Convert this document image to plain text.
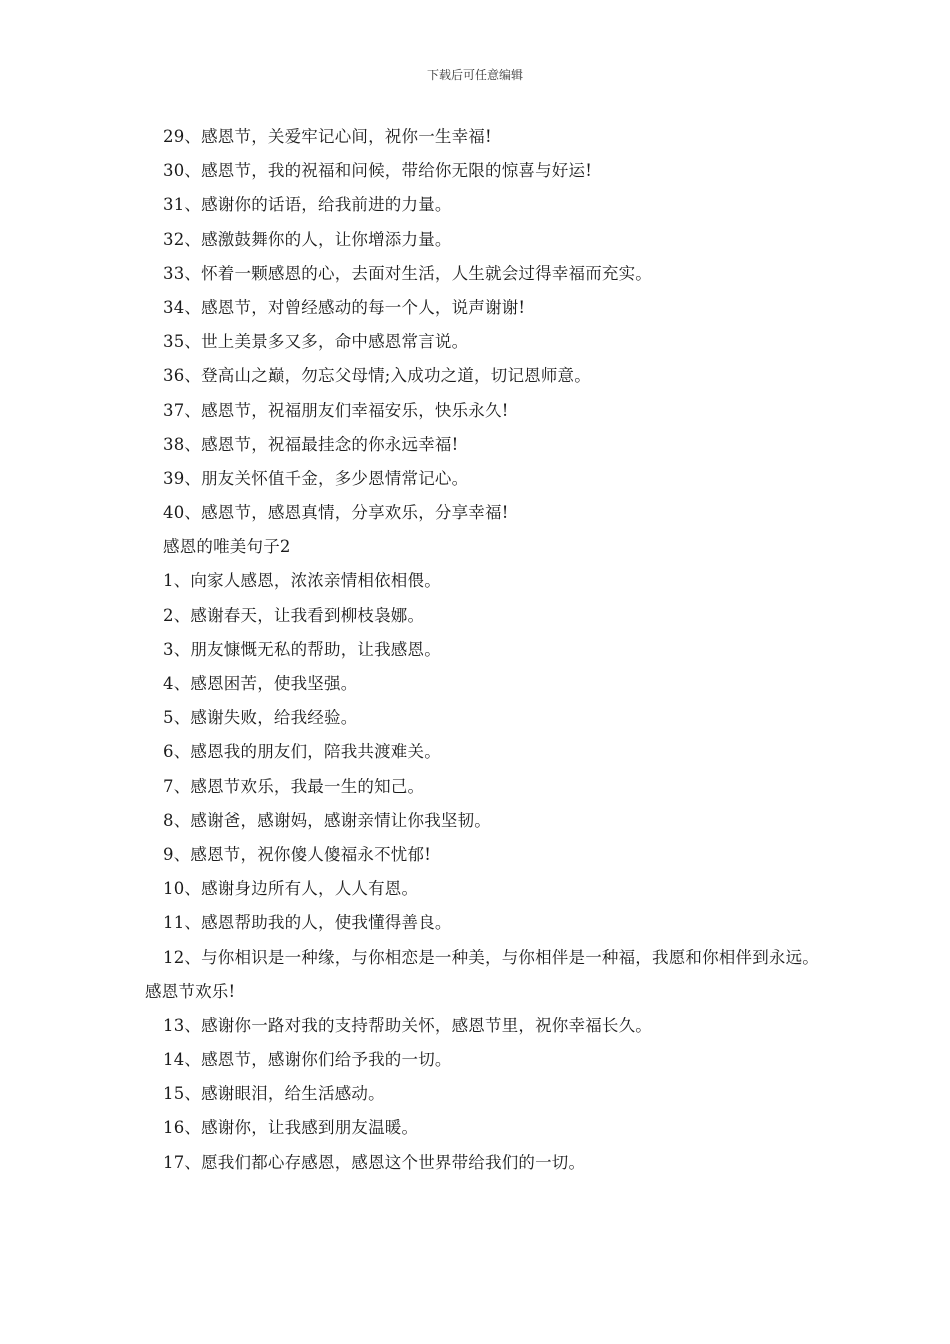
下载后可任意编辑
29、感恩节，关爱牢记心间，祝你一生幸福!
30、感恩节，我的祝福和问候，带给你无限的惊喜与好运!
31、感谢你的话语，给我前进的力量。
32、感激鼓舞你的人，让你增添力量。
33、怀着一颗感恩的心，去面对生活，人生就会过得幸福而充实。
34、感恩节，对曾经感动的每一个人，说声谢谢!
35、世上美景多又多，命中感恩常言说。
36、登高山之巅，勿忘父母情;入成功之道，切记恩师意。
37、感恩节，祝福朋友们幸福安乐，快乐永久!
38、感恩节，祝福最挂念的你永远幸福!
39、朋友关怀值千金，多少恩情常记心。
40、感恩节，感恩真情，分享欢乐，分享幸福!
感恩的唯美句子2
1、向家人感恩，浓浓亲情相依相偎。
2、感谢春天，让我看到柳枝袅娜。
3、朋友慷慨无私的帮助，让我感恩。
4、感恩困苦，使我坚强。
5、感谢失败，给我经验。
6、感恩我的朋友们，陪我共渡难关。
7、感恩节欢乐，我最一生的知己。
8、感谢爸，感谢妈，感谢亲情让你我坚韧。
9、感恩节，祝你傻人傻福永不忧郁!
10、感谢身边所有人，人人有恩。
11、感恩帮助我的人，使我懂得善良。
12、与你相识是一种缘，与你相恋是一种美，与你相伴是一种福，我愿和你相伴到永远。感恩节欢乐!
13、感谢你一路对我的支持帮助关怀，感恩节里，祝你幸福长久。
14、感恩节，感谢你们给予我的一切。
15、感谢眼泪，给生活感动。
16、感谢你，让我感到朋友温暖。
17、愿我们都心存感恩，感恩这个世界带给我们的一切。
